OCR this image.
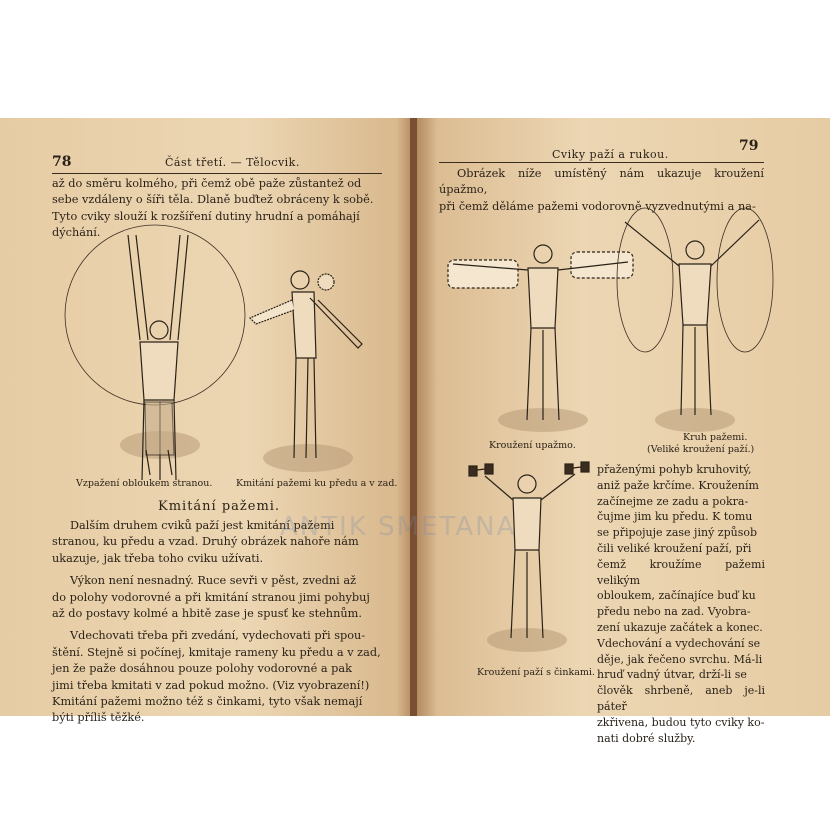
78	Část třetí. — Tělocvik.

až do směru kolmého, při čemž obě paže zůstantež od

sebe vzdáleny o šíři těla. Dlaně buďtež obráceny k sobě.

Tyto cviky slouží k rozšíření dutiny hrudní a pomáhají

dýchání.

Vzpažení obloukem stranou. Kmitání pažemi ku předu a v zad.
Kmitání pažemi.

Dalším druhem cviků paží jest kmitání pažemi

stranou, ku předu a vzad. Druhý obrázek nahoře nám

ukazuje, jak třeba toho cviku užívati.

Výkon není nesnadný. Ruce sevři v pěst, zvedni až

do polohy vodorovné a při kmitání stranou jimi pohybuj

až do postavy kolmé a hbitě zase je spusť ke stehnům.

Vdechovati třeba při zvedání, vydechovati při spou-

štění. Stejně si počínej, kmitaje rameny ku předu a v zad,

jen že paže dosáhnou pouze polohy vodorovné a pak

jimi třeba kmitati v zad pokud možno. (Viz vyobrazení!)

Kmitání pažemi možno též s činkami, tyto však nemají

býti příliš těžké.

Cviky paží a rukou.
79

Obrázek níže umístěný nám ukazuje kroužení úpažmo,

při čemž děláme pažemi vodorovně vyzvednutými a na-

Kroužení upažmo.
Kruh pažemi.
(Veliké kroužení paží.)
Kroužení paží s činkami.

přaženými pohyb kruhovitý,

aniž paže krčíme. Kroužením

začínejme ze zadu a pokra-

čujme jim ku předu. K tomu

se připojuje zase jiný způsob

čili veliké kroužení paží, při

čemž kroužíme pažemi velikým

obloukem, začínajíce buď ku

předu nebo na zad. Vyobra-

zení ukazuje začátek a konec.

Vdechování a vydechování se

děje, jak řečeno svrchu. Má-li

hruď vadný útvar, drží-li se

člověk shrbeně, aneb je-li páteř

zkřivena, budou tyto cviky ko-

nati dobré služby.

ANTIK SMETANA
